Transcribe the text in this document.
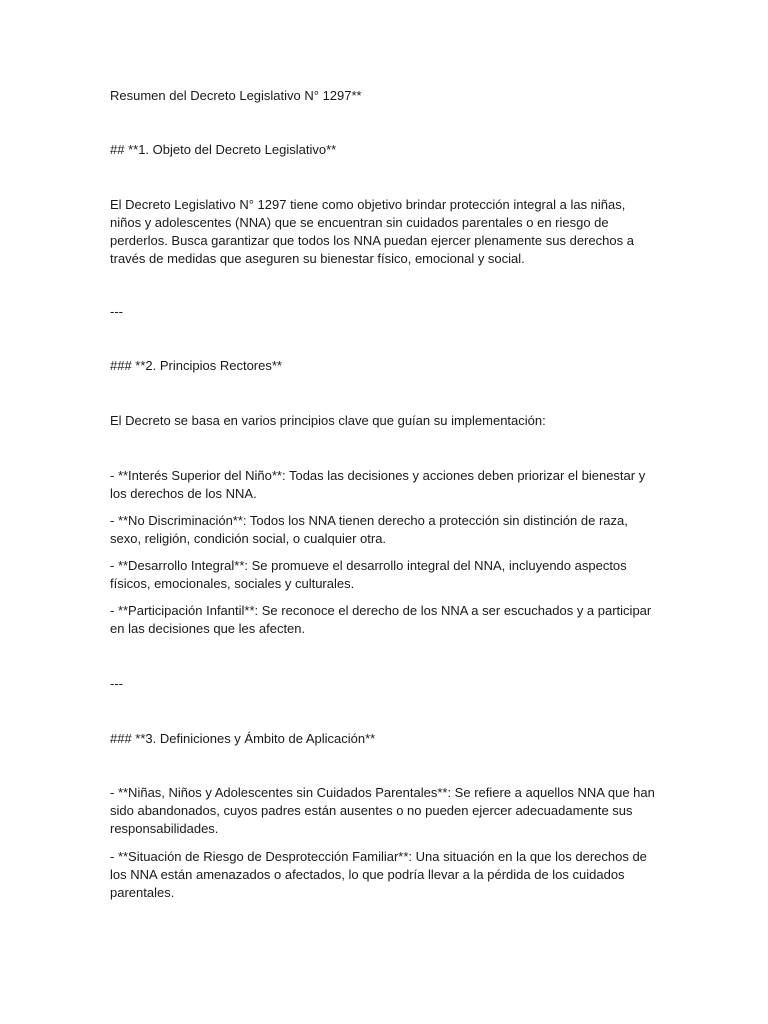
Resumen del Decreto Legislativo N° 1297**

## **1. Objeto del Decreto Legislativo**

El Decreto Legislativo N° 1297 tiene como objetivo brindar protección integral a las niñas, niños y adolescentes (NNA) que se encuentran sin cuidados parentales o en riesgo de perderlos. Busca garantizar que todos los NNA puedan ejercer plenamente sus derechos a través de medidas que aseguren su bienestar físico, emocional y social.

---

### **2. Principios Rectores**

El Decreto se basa en varios principios clave que guían su implementación:

- **Interés Superior del Niño**: Todas las decisiones y acciones deben priorizar el bienestar y los derechos de los NNA.

- **No Discriminación**: Todos los NNA tienen derecho a protección sin distinción de raza, sexo, religión, condición social, o cualquier otra.

- **Desarrollo Integral**: Se promueve el desarrollo integral del NNA, incluyendo aspectos físicos, emocionales, sociales y culturales.

- **Participación Infantil**: Se reconoce el derecho de los NNA a ser escuchados y a participar en las decisiones que les afecten.

---

### **3. Definiciones y Ámbito de Aplicación**

- **Niñas, Niños y Adolescentes sin Cuidados Parentales**: Se refiere a aquellos NNA que han sido abandonados, cuyos padres están ausentes o no pueden ejercer adecuadamente sus responsabilidades.

- **Situación de Riesgo de Desprotección Familiar**: Una situación en la que los derechos de los NNA están amenazados o afectados, lo que podría llevar a la pérdida de los cuidados parentales.
